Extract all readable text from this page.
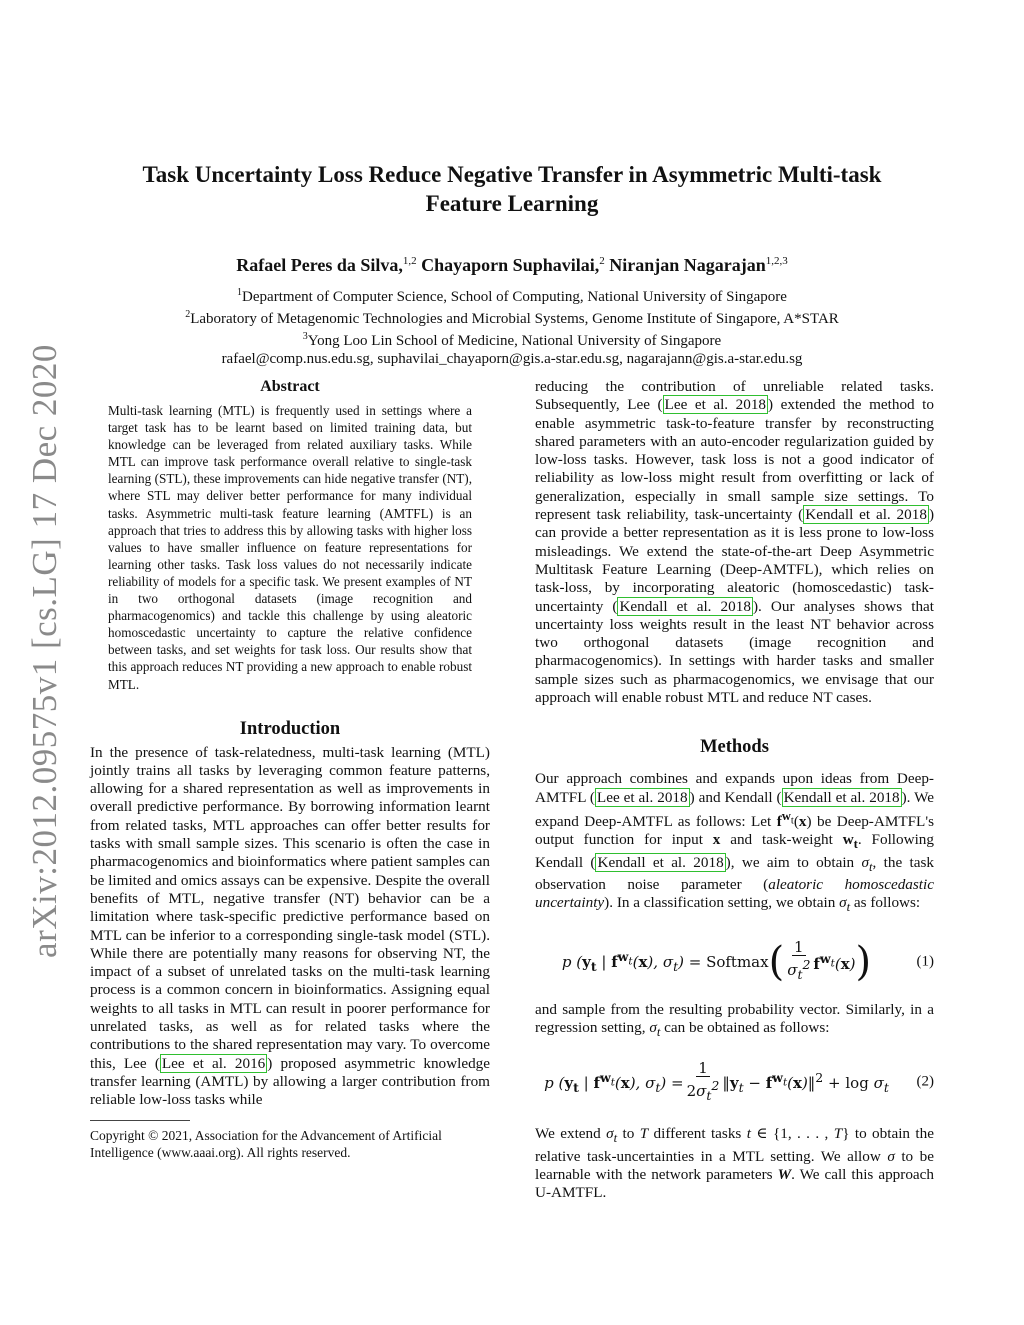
arXiv:2012.09575v1 [cs.LG] 17 Dec 2020
Task Uncertainty Loss Reduce Negative Transfer in Asymmetric Multi-task
Feature Learning
Rafael Peres da Silva,$^{1,2}$ Chayaporn Suphavilai,$^2$ Niranjan Nagarajan$^{1,2,3}$
$^1$Department of Computer Science, School of Computing, National University of Singapore
$^2$Laboratory of Metagenomic Technologies and Microbial Systems, Genome Institute of Singapore, A*STAR
$^3$Yong Loo Lin School of Medicine, National University of Singapore
rafael@comp.nus.edu.sg, suphavilai_chayaporn@gis.a-star.edu.sg, nagarajann@gis.a-star.edu.sg
Abstract

Multi-task learning (MTL) is frequently used in settings where a target task has to be learnt based on limited training data, but knowledge can be leveraged from related auxiliary tasks. While MTL can improve task performance overall relative to single-task learning (STL), these improvements can hide negative transfer (NT), where STL may deliver better performance for many individual tasks. Asymmetric multi-task feature learning (AMTFL) is an approach that tries to address this by allowing tasks with higher loss values to have smaller influence on feature representations for learning other tasks. Task loss values do not necessarily indicate reliability of models for a specific task. We present examples of NT in two orthogonal datasets (image recognition and pharmacogenomics) and tackle this challenge by using aleatoric homoscedastic uncertainty to capture the relative confidence between tasks, and set weights for task loss. Our results show that this approach reduces NT providing a new approach to enable robust MTL.

Introduction

In the presence of task-relatedness, multi-task learning (MTL) jointly trains all tasks by leveraging common feature patterns, allowing for a shared representation as well as improvements in overall predictive performance. By borrowing information learnt from related tasks, MTL approaches can offer better results for tasks with small sample sizes. This scenario is often the case in pharmacogenomics and bioinformatics where patient samples can be limited and omics assays can be expensive. Despite the overall benefits of MTL, negative transfer (NT) behavior can be a limitation where task-specific predictive performance based on MTL can be inferior to a corresponding single-task model (STL). While there are potentially many reasons for observing NT, the impact of a subset of unrelated tasks on the multi-task learning process is a common concern in bioinformatics. Assigning equal weights to all tasks in MTL can result in poorer performance for unrelated tasks, as well as for related tasks where the contributions to the shared representation may vary. To overcome this, Lee ( Lee et al. 2016 ) proposed asymmetric knowledge transfer learning (AMTL) by allowing a larger contribution from reliable low-loss tasks while

Copyright © 2021, Association for the Advancement of Artificial Intelligence (www.aaai.org). All rights reserved.

reducing the contribution of unreliable related tasks. Subsequently, Lee ( Lee et al. 2018 ) extended the method to enable asymmetric task-to-feature transfer by reconstructing shared parameters with an auto-encoder regularization guided by low-loss tasks. However, task loss is not a good indicator of reliability as low-loss might result from overfitting or lack of generalization, especially in small sample size settings. To represent task reliability, task-uncertainty ( Kendall et al. 2018 ) can provide a better representation as it is less prone to low-loss misleadings. We extend the state-of-the-art Deep Asymmetric Multitask Feature Learning (Deep-AMTFL), which relies on task-loss, by incorporating aleatoric (homoscedastic) task-uncertainty ( Kendall et al. 2018 ). Our analyses shows that uncertainty loss weights result in the least NT behavior across two orthogonal datasets (image recognition and pharmacogenomics). In settings with harder tasks and smaller sample sizes such as pharmacogenomics, we envisage that our approach will enable robust MTL and reduce NT cases.

Methods

Our approach combines and expands upon ideas from Deep-AMTFL ( Lee et al. 2018 ) and Kendall ( Kendall et al. 2018 ). We expand Deep-AMTFL as follows: Let $f^{w_t}(x)$ be Deep-AMTFL's output function for input x and task-weight $w_t$. Following Kendall ( Kendall et al. 2018 ), we aim to obtain $\sigma_t$, the task observation noise parameter (aleatoric homoscedastic uncertainty). In a classification setting, we obtain $\sigma_t$ as follows:

p ($y_t$ | $f^{w_t}(x)$, $\sigma_t$) = Softmax ( $\frac{1}{\sigma_t^2} f^{w_t}(x)$ )	(1)

and sample from the resulting probability vector. Similarly, in a regression setting, $\sigma_t$ can be obtained as follows:

p ($y_t$ | $f^{w_t}(x)$, $\sigma_t) = \frac{1}{2\sigma_t^2}$ $‖y_t$ − $f^{w_t}(x)‖^2 + \log \sigma_t$ (2)

We extend $\sigma_t$ to T different tasks t ∈ {1, . . . , T} to obtain the relative task-uncertainties in a MTL setting. We allow σ to be learnable with the network parameters W. We call this approach U-AMTFL.
